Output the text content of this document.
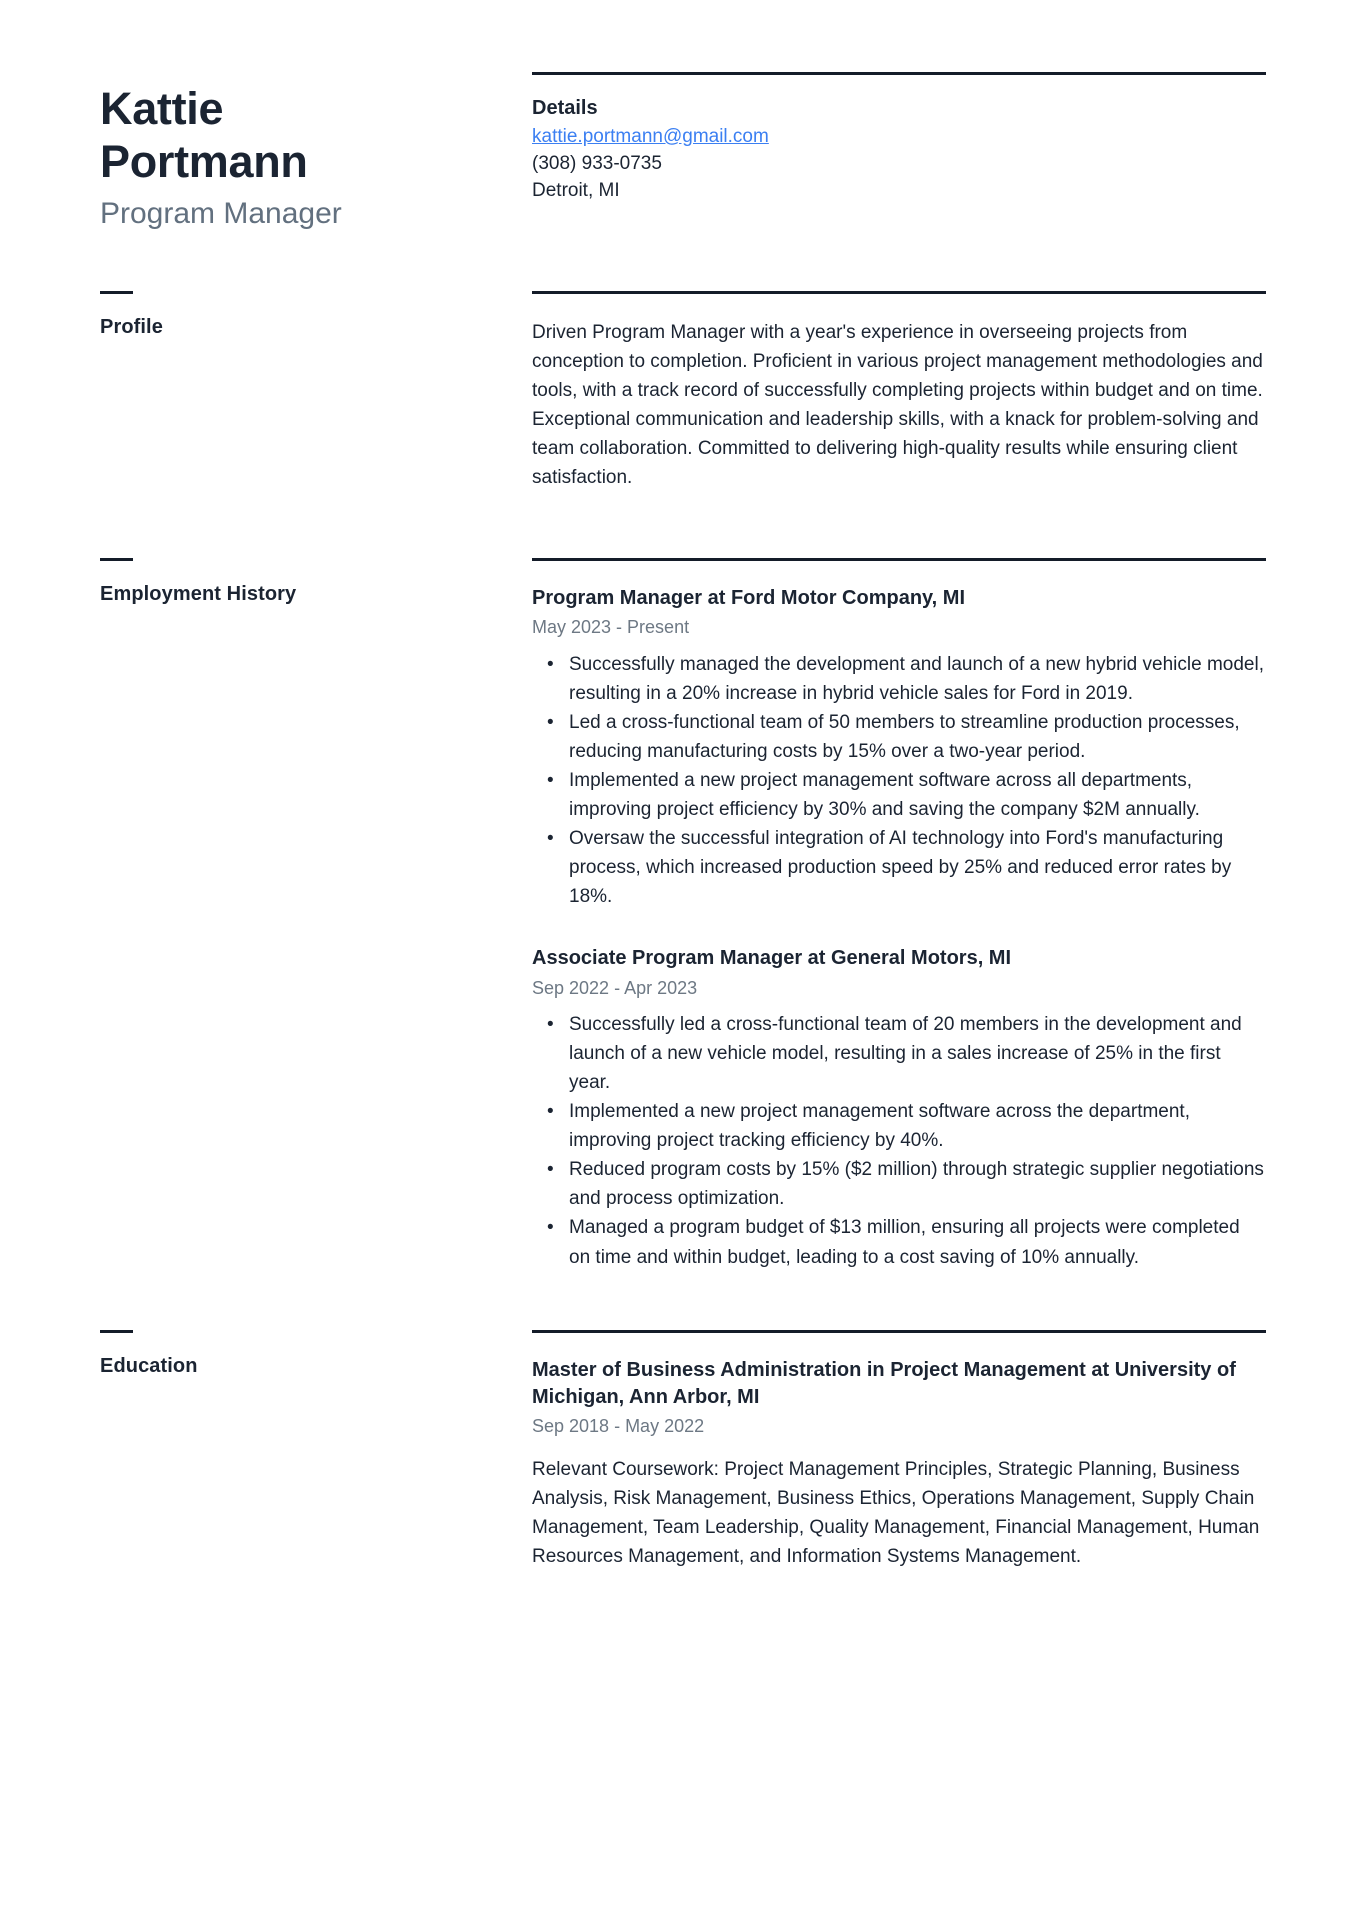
Kattie Portmann
Program Manager
Details
kattie.portmann@gmail.com
(308) 933-0735
Detroit, MI
Profile	Driven Program Manager with a year's experience in overseeing projects from conception to completion. Proficient in various project management methodologies and tools, with a track record of successfully completing projects within budget and on time. Exceptional communication and leadership skills, with a knack for problem-solving and team collaboration. Committed to delivering high-quality results while ensuring client satisfaction.
Employment History	Program Manager at Ford Motor Company, MI
May 2023 - Present
• Successfully managed the development and launch of a new hybrid vehicle model, resulting in a 20% increase in hybrid vehicle sales for Ford in 2019.
• Led a cross-functional team of 50 members to streamline production processes, reducing manufacturing costs by 15% over a two-year period.
• Implemented a new project management software across all departments, improving project efficiency by 30% and saving the company $2M annually.
• Oversaw the successful integration of AI technology into Ford's manufacturing process, which increased production speed by 25% and reduced error rates by 18%.
Associate Program Manager at General Motors, MI
Sep 2022 - Apr 2023
• Successfully led a cross-functional team of 20 members in the development and launch of a new vehicle model, resulting in a sales increase of 25% in the first year.
• Implemented a new project management software across the department, improving project tracking efficiency by 40%.
• Reduced program costs by 15% ($2 million) through strategic supplier negotiations and process optimization.
• Managed a program budget of $13 million, ensuring all projects were completed on time and within budget, leading to a cost saving of 10% annually.
Education	Master of Business Administration in Project Management at University of Michigan, Ann Arbor, MI
Sep 2018 - May 2022
Relevant Coursework: Project Management Principles, Strategic Planning, Business Analysis, Risk Management, Business Ethics, Operations Management, Supply Chain Management, Team Leadership, Quality Management, Financial Management, Human Resources Management, and Information Systems Management.
